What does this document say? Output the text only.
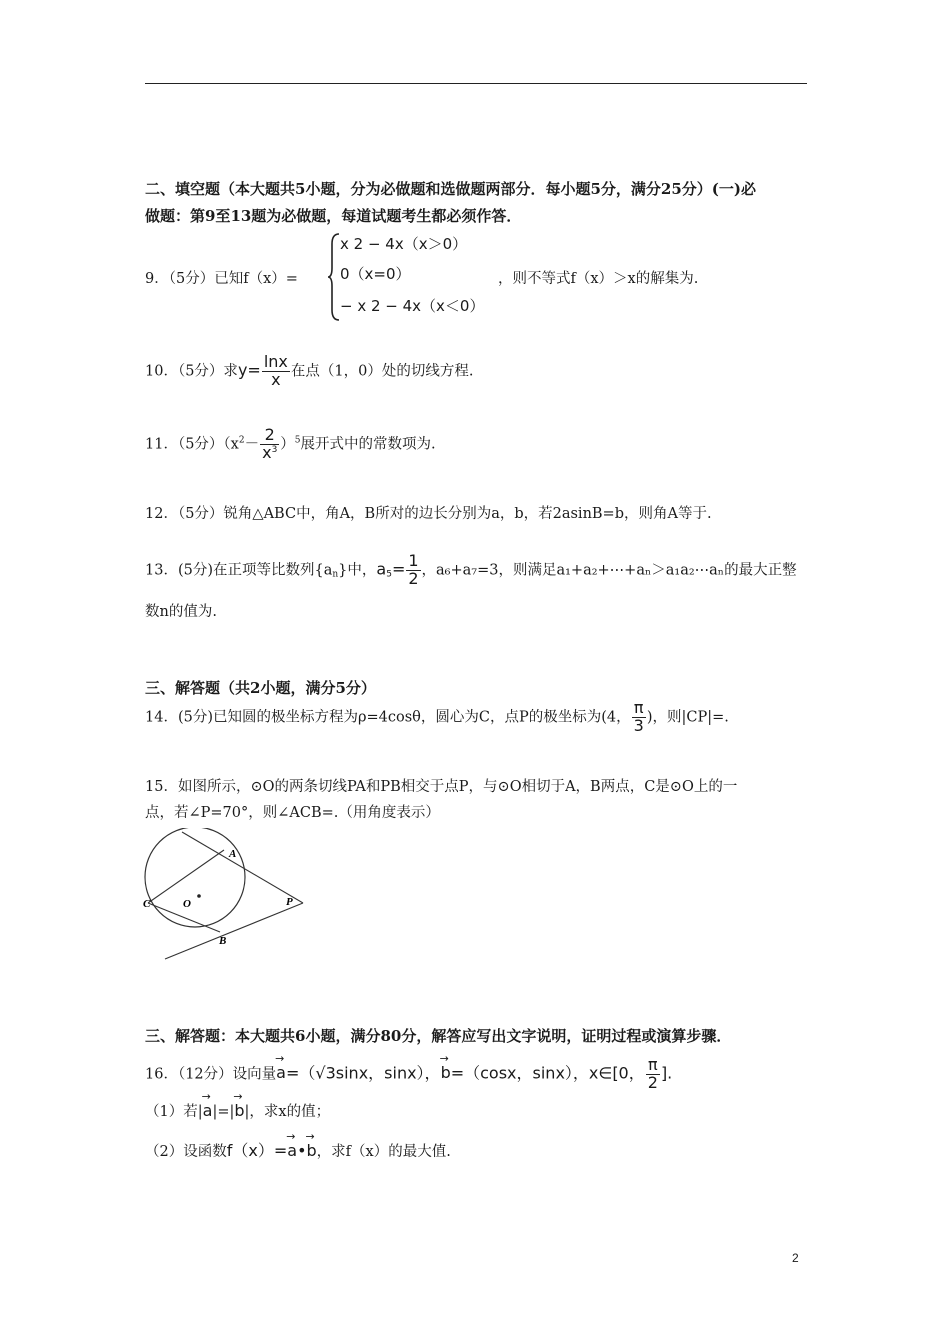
二、填空题（本大题共5小题，分为必做题和选做题两部分．每小题5分，满分25分）(一)必
做题：第9至13题为必做题，每道试题考生都必须作答．
9．（5分）已知f（x）=
x 2 − 4x（x＞0）
0（x=0）
− x 2 − 4x（x＜0）
，则不等式f（x）＞x的解集为.
10．（5分）求$y= \frac{\ln x}{x}$ 在点（1，0）处的切线方程.
11．（5分）$(x^2- \frac{2}{x^3} )^5$展开式中的常数项为.
12．（5分）锐角△ABC中，角A，B所对的边长分别为a，b，若2asinB=b，则角A等于.
13．(5分)在正项等比数列$\{a_n\}$中，$a_5= \frac{1}{2}$ ，a₆+a₇=3，则满足a₁+a₂+⋯+aₙ＞a₁a₂⋯aₙ的最大正整
数n的值为.
三、解答题（共2小题，满分5分）
14．(5分)已知圆的极坐标方程为ρ=4cosθ，圆心为C，点P的极坐标为(4， $\frac{\pi}{3}$ )，则|CP|=.
15．如图所示，⊙O的两条切线PA和PB相交于点P，与⊙O相切于A，B两点，C是⊙O上的一
点，若∠P=70°，则∠ACB=.（用角度表示）
A
B
C	O	P
三、解答题：本大题共6小题，满分80分，解答应写出文字说明，证明过程或演算步骤．
16．（12分）设向量→ a=（√3sinx，sinx），→ b=（cosx，sinx），x∈[0， $\frac{\pi}{2}$ ].
（1）若|→ a|=|→ b|，求x的值；
（2）设函数f（x）=→ a•→ b，求f（x）的最大值.
2
